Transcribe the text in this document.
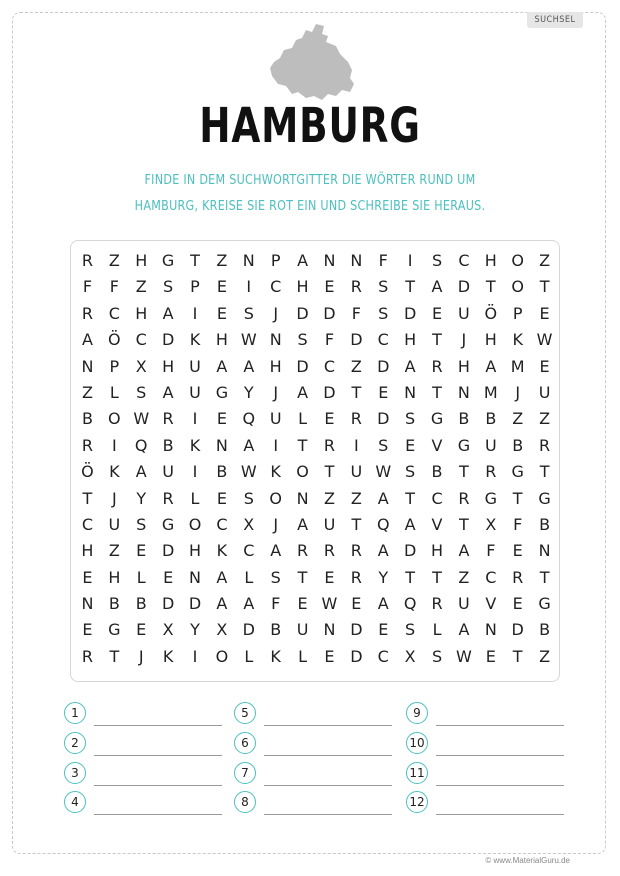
SUCHSEL
HAMBURG
FINDE IN DEM SUCHWORTGITTER DIE WÖRTER RUND UM
HAMBURG, KREISE SIE ROT EIN UND SCHREIBE SIE HERAUS.
R Z H G T	Z N	P	A N N	F	I	S	C H O Z
F	F	Z	S	P	E	I	C H E	R	S	T	A D T O T
R C H A	I	E	S	J	D D	F	S D E U Ö P	E
A Ö C D K H W N S	F	D C H T	J	H K W
N	P	X H U A A H D C Z D A R H A M E
Z	L	S	A U G Y	J	A D T	E N	T	N M	J	U
B O W R	I	E Q U	L	E	R D S G B B Z Z
R	I	Q B	K N A	I	T	R	I	S	E	V G U B R
Ö K	A U	I	B W K O T	U W S	B	T	R G T
T	J	Y	R	L	E	S O N Z Z A	T	C R G T G
C U S G O C X	J	A U	T Q A V	T	X	F	B
H Z	E D H K	C A R R R A D H A	F	E N
E H	L	E N A	L	S	T	E	R	Y	T	T	Z C R	T
N B B D D A A	F	E W E	A Q R U V	E G
E G E	X	Y	X D B U N D E	S	L	A N D B
R	T	J	K	I	O	L	K	L	E D C X	S W E	T	Z
1
2
3
4
5
6
7
8
9
10
11
12
© www.MaterialGuru.de
